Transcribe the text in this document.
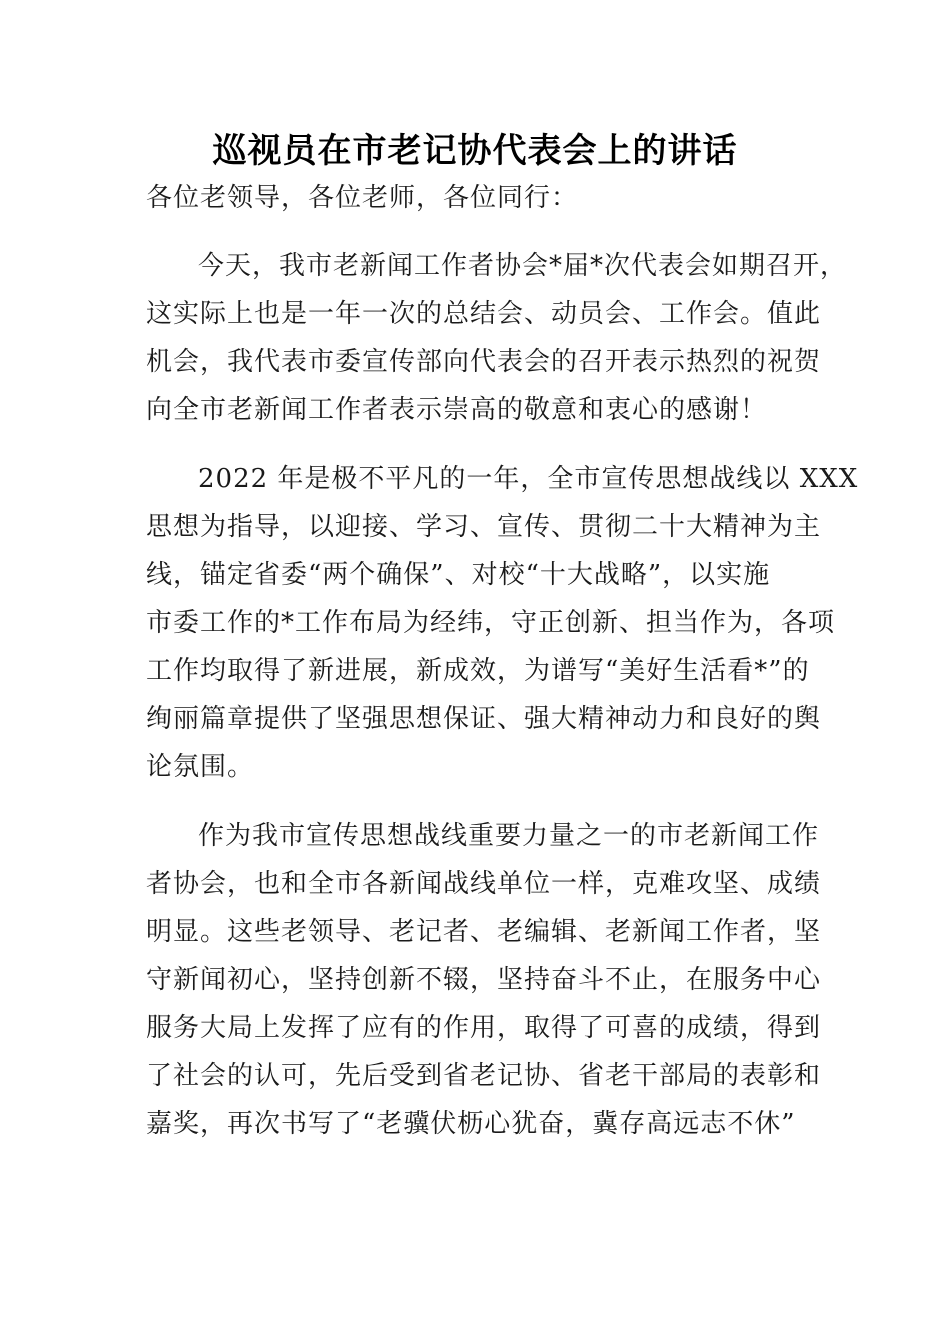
巡视员在市老记协代表会上的讲话

各位老领导，各位老师，各位同行：

今天，我市老新闻工作者协会*届*次代表会如期召开，
这实际上也是一年一次的总结会、动员会、工作会。值此
机会，我代表市委宣传部向代表会的召开表示热烈的祝贺
向全市老新闻工作者表示崇高的敬意和衷心的感谢！

2022 年是极不平凡的一年，全市宣传思想战线以 XXX
思想为指导，以迎接、学习、宣传、贯彻二十大精神为主
线，锚定省委“两个确保”、对校“十大战略”，以实施
市委工作的*工作布局为经纬，守正创新、担当作为，各项
工作均取得了新进展，新成效，为谱写“美好生活看*”的
绚丽篇章提供了坚强思想保证、强大精神动力和良好的舆
论氛围。

作为我市宣传思想战线重要力量之一的市老新闻工作
者协会，也和全市各新闻战线单位一样，克难攻坚、成绩
明显。这些老领导、老记者、老编辑、老新闻工作者，坚
守新闻初心，坚持创新不辍，坚持奋斗不止，在服务中心
服务大局上发挥了应有的作用，取得了可喜的成绩，得到
了社会的认可，先后受到省老记协、省老干部局的表彰和
嘉奖，再次书写了“老骥伏枥心犹奋，冀存高远志不休”
